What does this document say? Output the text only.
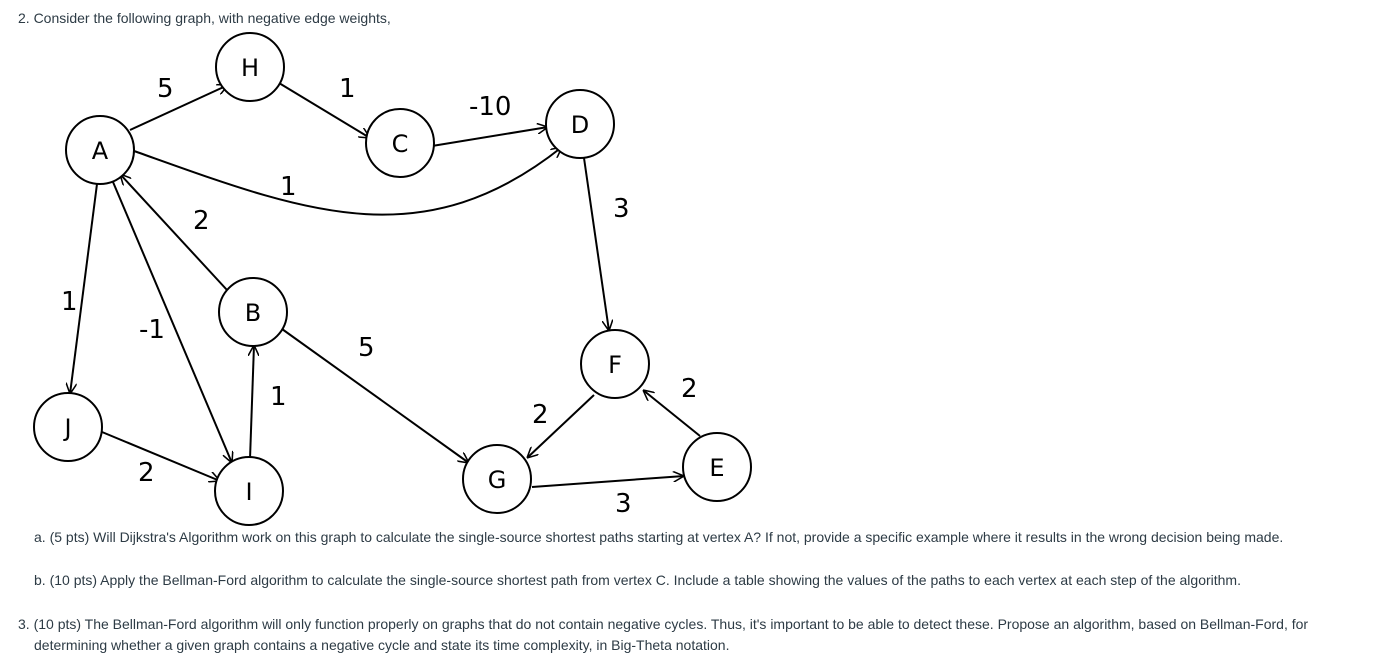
2. Consider the following graph, with negative edge weights,
5	1
-10
1
3
2
1
-1
1
5
2
2
2
3
A
H
C
D
B
J
I
F
G	E
a. (5 pts) Will Dijkstra's Algorithm work on this graph to calculate the single-source shortest paths starting at vertex A? If not, provide a specific example where it results in the wrong decision being made.
b. (10 pts) Apply the Bellman-Ford algorithm to calculate the single-source shortest path from vertex C. Include a table showing the values of the paths to each vertex at each step of the algorithm.
3. (10 pts) The Bellman-Ford algorithm will only function properly on graphs that do not contain negative cycles. Thus, it's important to be able to detect these. Propose an algorithm, based on Bellman-Ford, for
determining whether a given graph contains a negative cycle and state its time complexity, in Big-Theta notation.
